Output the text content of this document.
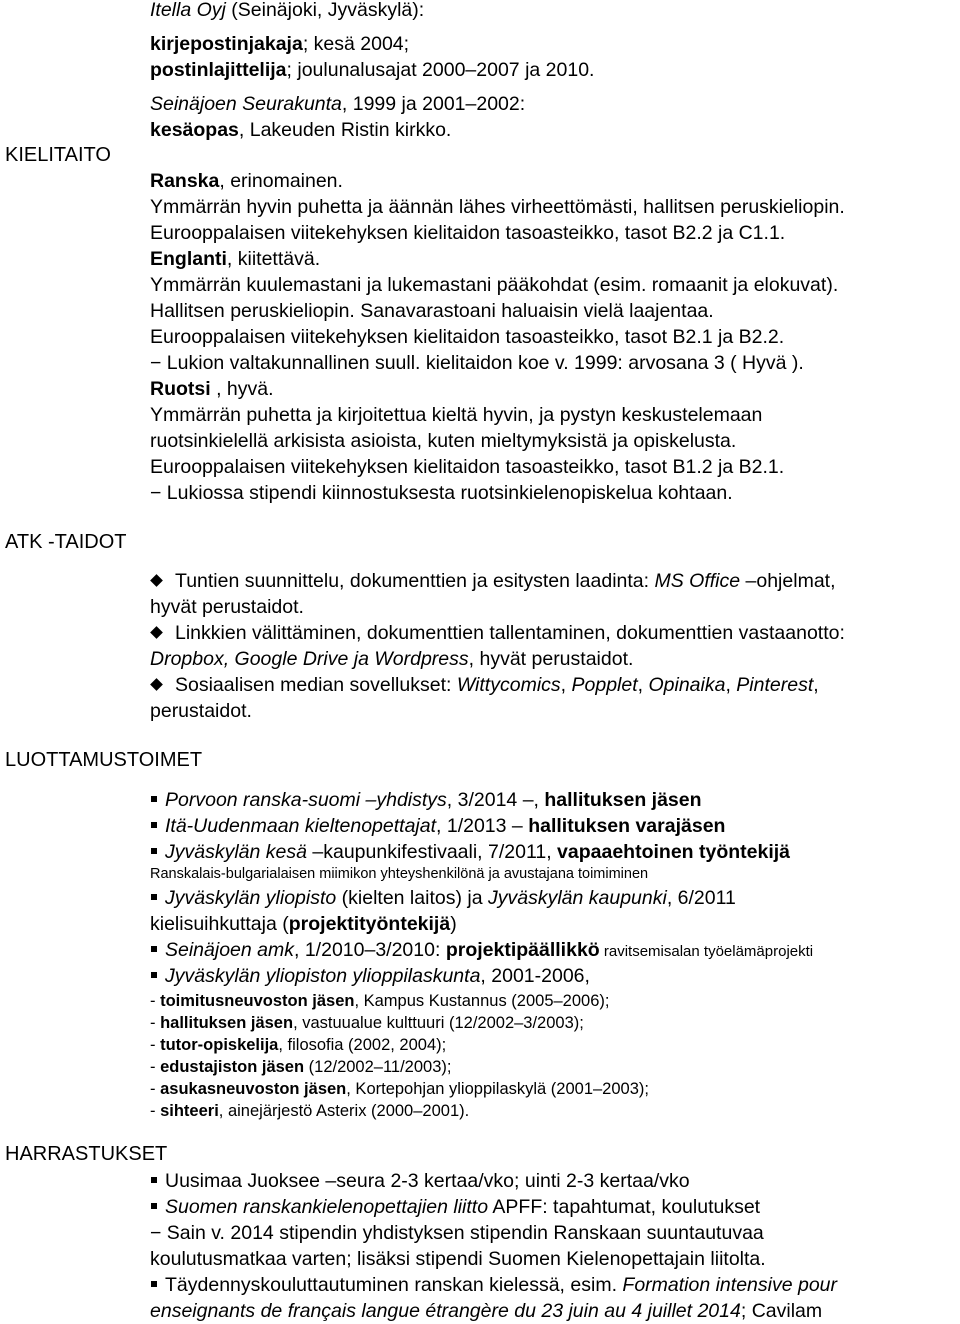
Itella Oyj (Seinäjoki, Jyväskylä):
kirjepostinjakaja; kesä 2004;
postinlajittelija; joulunalusajat 2000–2007 ja 2010.
Seinäjoen Seurakunta, 1999 ja 2001–2002:
kesäopas, Lakeuden Ristin kirkko.
KIELITAITO
Ranska, erinomainen.
Ymmärrän hyvin puhetta ja äännän lähes virheettömästi, hallitsen peruskieliopin.
Eurooppalaisen viitekehyksen kielitaidon tasoasteikko, tasot B2.2 ja C1.1.
Englanti, kiitettävä.
Ymmärrän kuulemastani ja lukemastani pääkohdat (esim. romaanit ja elokuvat).
Hallitsen peruskieliopin. Sanavarastoani haluaisin vielä laajentaa.
Eurooppalaisen viitekehyksen kielitaidon tasoasteikko, tasot B2.1 ja B2.2.
− Lukion valtakunnallinen suull. kielitaidon koe v. 1999: arvosana 3 ( Hyvä ).
Ruotsi , hyvä.
Ymmärrän puhetta ja kirjoitettua kieltä hyvin, ja pystyn keskustelemaan
ruotsinkielellä arkisista asioista, kuten mieltymyksistä ja opiskelusta.
Eurooppalaisen viitekehyksen kielitaidon tasoasteikko, tasot B1.2 ja B2.1.
− Lukiossa stipendi kiinnostuksesta ruotsinkielenopiskelua kohtaan.
ATK -TAIDOT
Tuntien suunnittelu, dokumenttien ja esitysten laadinta: MS Office –ohjelmat,
hyvät perustaidot.
Linkkien välittäminen, dokumenttien tallentaminen, dokumenttien vastaanotto:
Dropbox, Google Drive ja Wordpress, hyvät perustaidot.
Sosiaalisen median sovellukset: Wittycomics, Popplet, Opinaika, Pinterest,
perustaidot.
LUOTTAMUSTOIMET
Porvoon ranska-suomi –yhdistys, 3/2014 –, hallituksen jäsen
Itä-Uudenmaan kieltenopettajat, 1/2013 – hallituksen varajäsen
Jyväskylän kesä –kaupunkifestivaali, 7/2011, vapaaehtoinen työntekijä
Ranskalais-bulgarialaisen miimikon yhteyshenkilönä ja avustajana toimiminen
Jyväskylän yliopisto (kielten laitos) ja Jyväskylän kaupunki, 6/2011
kielisuihkuttaja (projektityöntekijä)
Seinäjoen amk, 1/2010–3/2010: projektipäällikkö ravitsemisalan työelämäprojekti
Jyväskylän yliopiston ylioppilaskunta, 2001-2006,
- toimitusneuvoston jäsen, Kampus Kustannus (2005–2006);
- hallituksen jäsen, vastuualue kulttuuri (12/2002–3/2003);
- tutor-opiskelija, filosofia (2002, 2004);
- edustajiston jäsen (12/2002–11/2003);
- asukasneuvoston jäsen, Kortepohjan ylioppilaskylä (2001–2003);
- sihteeri, ainejärjestö Asterix (2000–2001).
HARRASTUKSET
Uusimaa Juoksee –seura 2-3 kertaa/vko; uinti 2-3 kertaa/vko
Suomen ranskankielenopettajien liitto APFF: tapahtumat, koulutukset
− Sain v. 2014 stipendin yhdistyksen stipendin Ranskaan suuntautuvaa
koulutusmatkaa varten; lisäksi stipendi Suomen Kielenopettajain liitolta.
Täydennyskouluttautuminen ranskan kielessä, esim. Formation intensive pour
enseignants de français langue étrangère du 23 juin au 4 juillet 2014; Cavilam
